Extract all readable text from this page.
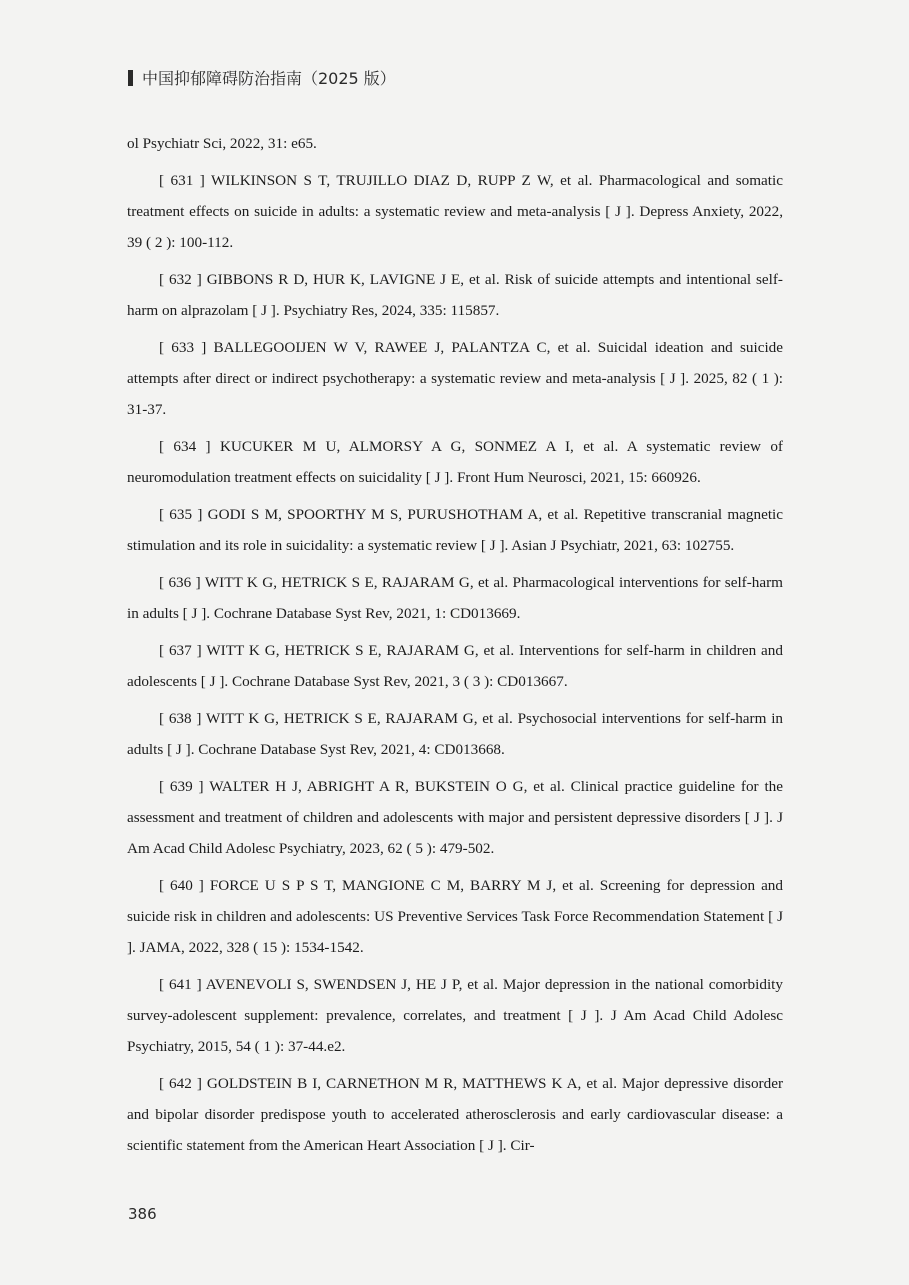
中国抑郁障碍防治指南（2025 版）

ol Psychiatr Sci, 2022, 31: e65.

[ 631 ] WILKINSON S T, TRUJILLO DIAZ D, RUPP Z W, et al. Pharmacological and somatic treatment effects on suicide in adults: a systematic review and meta-analysis [ J ]. Depress Anxiety, 2022, 39 ( 2 ): 100-112.

[ 632 ] GIBBONS R D, HUR K, LAVIGNE J E, et al. Risk of suicide attempts and intentional self-harm on alprazolam [ J ]. Psychiatry Res, 2024, 335: 115857.

[ 633 ] BALLEGOOIJEN W V, RAWEE J, PALANTZA C, et al. Suicidal ideation and suicide attempts after direct or indirect psychotherapy: a systematic review and meta-analysis [ J ]. 2025, 82 ( 1 ): 31-37.

[ 634 ] KUCUKER M U, ALMORSY A G, SONMEZ A I, et al. A systematic review of neuromodulation treatment effects on suicidality [ J ]. Front Hum Neurosci, 2021, 15: 660926.

[ 635 ] GODI S M, SPOORTHY M S, PURUSHOTHAM A, et al. Repetitive transcranial magnetic stimulation and its role in suicidality: a systematic review [ J ]. Asian J Psychiatr, 2021, 63: 102755.

[ 636 ] WITT K G, HETRICK S E, RAJARAM G, et al. Pharmacological interventions for self-harm in adults [ J ]. Cochrane Database Syst Rev, 2021, 1: CD013669.

[ 637 ] WITT K G, HETRICK S E, RAJARAM G, et al. Interventions for self-harm in children and adolescents [ J ]. Cochrane Database Syst Rev, 2021, 3 ( 3 ): CD013667.

[ 638 ] WITT K G, HETRICK S E, RAJARAM G, et al. Psychosocial interventions for self-harm in adults [ J ]. Cochrane Database Syst Rev, 2021, 4: CD013668.

[ 639 ] WALTER H J, ABRIGHT A R, BUKSTEIN O G, et al. Clinical practice guideline for the assessment and treatment of children and adolescents with major and persistent depressive disorders [ J ]. J Am Acad Child Adolesc Psychiatry, 2023, 62 ( 5 ): 479-502.

[ 640 ] FORCE U S P S T, MANGIONE C M, BARRY M J, et al. Screening for depression and suicide risk in children and adolescents: US Preventive Services Task Force Recommendation Statement [ J ]. JAMA, 2022, 328 ( 15 ): 1534-1542.

[ 641 ] AVENEVOLI S, SWENDSEN J, HE J P, et al. Major depression in the national comorbidity survey-adolescent supplement: prevalence, correlates, and treatment [ J ]. J Am Acad Child Adolesc Psychiatry, 2015, 54 ( 1 ): 37-44.e2.

[ 642 ] GOLDSTEIN B I, CARNETHON M R, MATTHEWS K A, et al. Major depressive disorder and bipolar disorder predispose youth to accelerated atherosclerosis and early cardiovascular disease: a scientific statement from the American Heart Association [ J ]. Cir-

386
